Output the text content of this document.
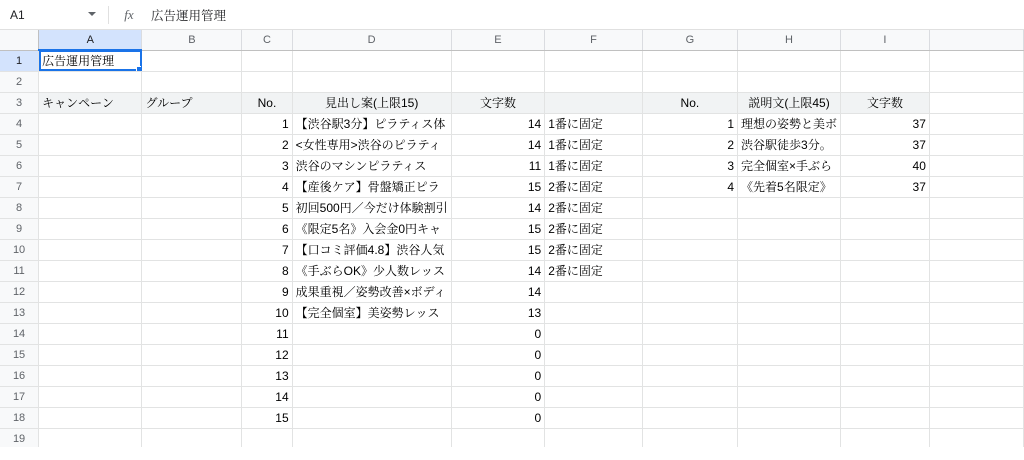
A1	fx	広告運用管理
	A	B	C	D	E	F	G	H	I	
1	広告運用管理									
2										
3	キャンペーン	グループ	No.	見出し案(上限15)	文字数		No.	説明文(上限45)	文字数	
4			1	【渋谷駅3分】ピラティス体	14	1番に固定	1	理想の姿勢と美ボ	37	
5			2	<女性専用>渋谷のピラティ	14	1番に固定	2	渋谷駅徒歩3分。	37	
6			3	渋谷のマシンピラティス	11	1番に固定	3	完全個室×手ぶら	40	
7			4	【産後ケア】骨盤矯正ピラ	15	2番に固定	4	《先着5名限定》	37	
8			5	初回500円／今だけ体験割引	14	2番に固定				
9			6	《限定5名》入会金0円キャ	15	2番に固定				
10			7	【口コミ評価4.8】渋谷人気	15	2番に固定				
11			8	《手ぶらOK》少人数レッス	14	2番に固定				
12			9	成果重視／姿勢改善×ボディ	14					
13			10	【完全個室】美姿勢レッス	13					
14			11		0					
15			12		0					
16			13		0					
17			14		0					
18			15		0					
19										
